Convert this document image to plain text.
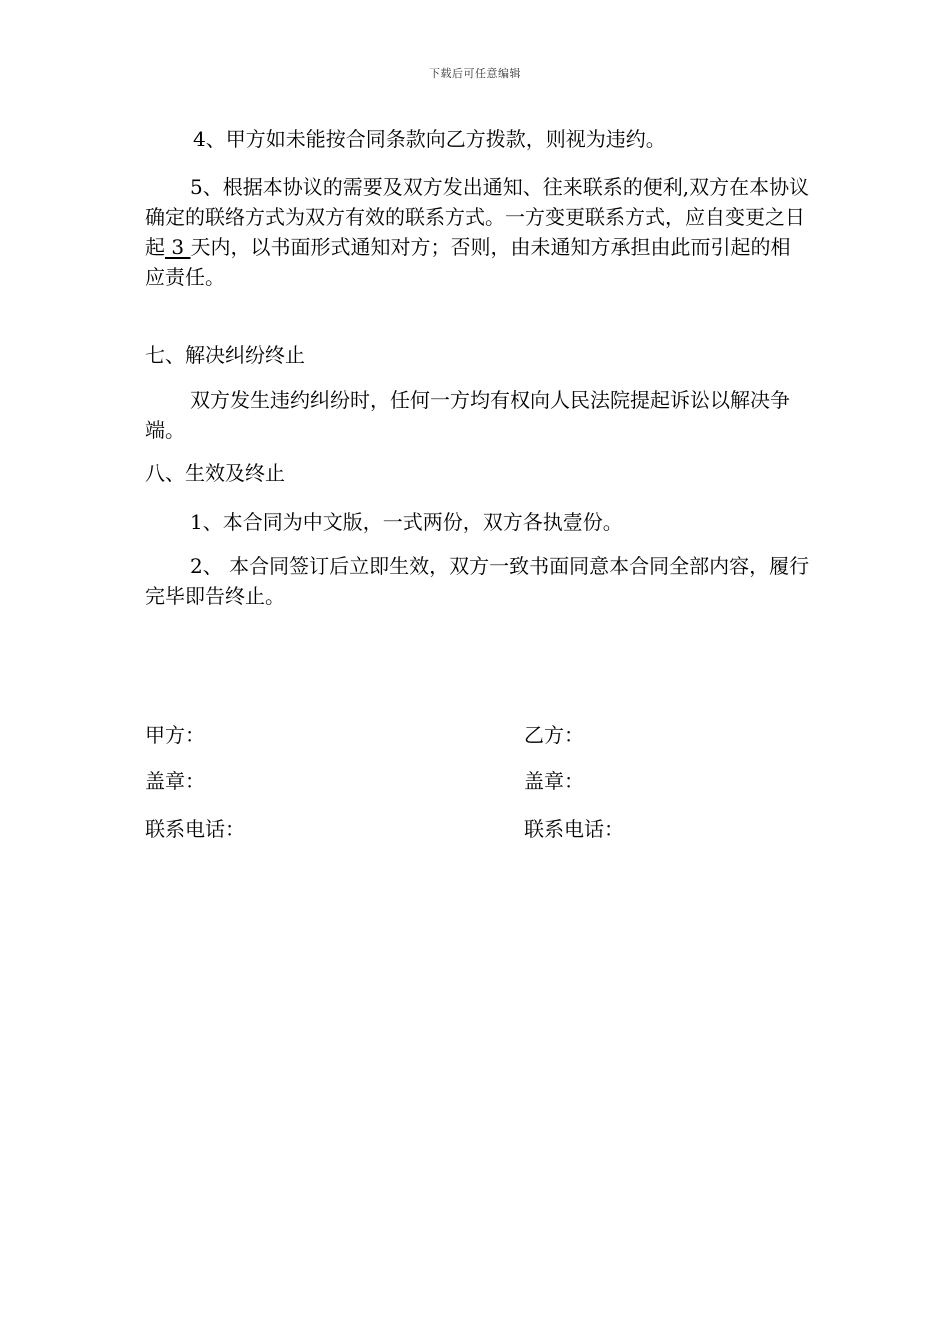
下载后可任意编辑
4、甲方如未能按合同条款向乙方拨款，则视为违约。
5、根据本协议的需要及双方发出通知、往来联系的便利,双方在本协议确定的联络方式为双方有效的联系方式。一方变更联系方式，应自变更之日起 3 天内，以书面形式通知对方；否则，由未通知方承担由此而引起的相应责任。
七、解决纠纷终止
双方发生违约纠纷时，任何一方均有权向人民法院提起诉讼以解决争端。
八、生效及终止
1、本合同为中文版，一式两份，双方各执壹份。
2、 本合同签订后立即生效，双方一致书面同意本合同全部内容，履行完毕即告终止。
甲方：	乙方：
盖章：	盖章：
联系电话：	联系电话：
